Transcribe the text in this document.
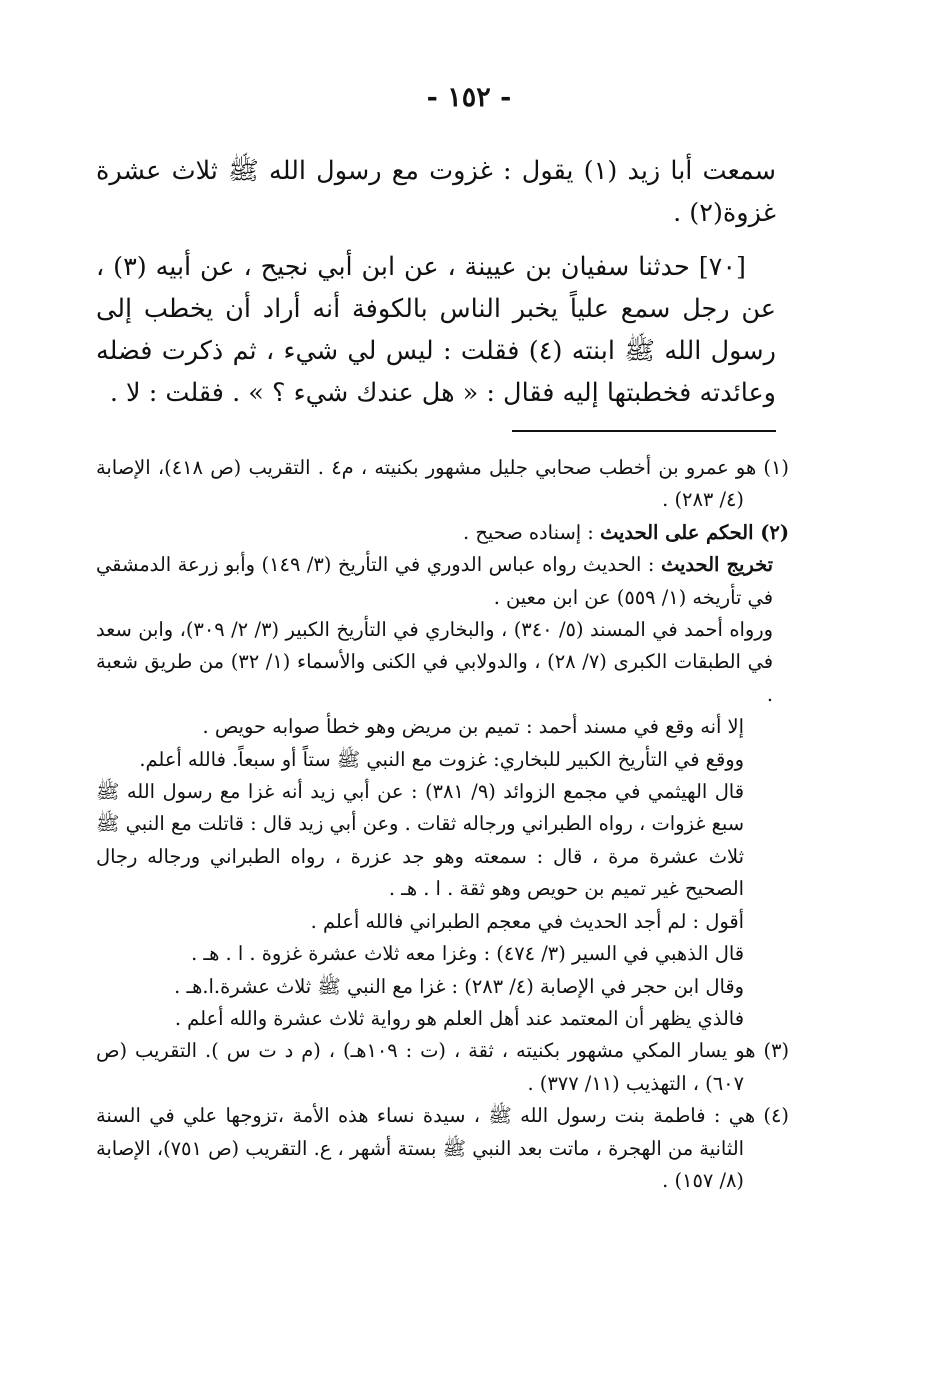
- ١٥٢ -

سمعت أبا زيد (١) يقول : غزوت مع رسول الله ﷺ ثلاث عشرة غزوة(٢) .

[٧٠] حدثنا سفيان بن عيينة ، عن ابن أبي نجيح ، عن أبيه (٣) ، عن رجل سمع علياً يخبر الناس بالكوفة أنه أراد أن يخطب إلى رسول الله ﷺ ابنته (٤) فقلت : ليس لي شيء ، ثم ذكرت فضله وعائدته فخطبتها إليه فقال : « هل عندك شيء ؟ » . فقلت : لا .

(١) هو عمرو بن أخطب صحابي جليل مشهور بكنيته ، م٤ . التقريب (ص ٤١٨)، الإصابة (٤/ ٢٨٣) .

(٢) الحكم على الحديث : إسناده صحيح .

تخريج الحديث : الحديث رواه عباس الدوري في التأريخ (٣/ ١٤٩) وأبو زرعة الدمشقي في تأريخه (١/ ٥٥٩) عن ابن معين .

ورواه أحمد في المسند (٥/ ٣٤٠) ، والبخاري في التأريخ الكبير (٣/ ٢/ ٣٠٩)، وابن سعد في الطبقات الكبرى (٧/ ٢٨) ، والدولابي في الكنى والأسماء (١/ ٣٢) من طريق شعبة .

إلا أنه وقع في مسند أحمد : تميم بن مريض وهو خطأ صوابه حويص .

ووقع في التأريخ الكبير للبخاري: غزوت مع النبي ﷺ ستاً أو سبعاً. فالله أعلم.

قال الهيثمي في مجمع الزوائد (٩/ ٣٨١) : عن أبي زيد أنه غزا مع رسول الله ﷺ سبع غزوات ، رواه الطبراني ورجاله ثقات . وعن أبي زيد قال : قاتلت مع النبي ﷺ ثلاث عشرة مرة ، قال : سمعته وهو جد عزرة ، رواه الطبراني ورجاله رجال الصحيح غير تميم بن حويص وهو ثقة . ا . هـ .

أقول : لم أجد الحديث في معجم الطبراني فالله أعلم .

قال الذهبي في السير (٣/ ٤٧٤) : وغزا معه ثلاث عشرة غزوة . ا . هـ .

وقال ابن حجر في الإصابة (٤/ ٢٨٣) : غزا مع النبي ﷺ ثلاث عشرة.ا.هـ .

فالذي يظهر أن المعتمد عند أهل العلم هو رواية ثلاث عشرة والله أعلم .

(٣) هو يسار المكي مشهور بكنيته ، ثقة ، (ت : ١٠٩هـ) ، (م د ت س ). التقريب (ص ٦٠٧) ، التهذيب (١١/ ٣٧٧) .

(٤) هي : فاطمة بنت رسول الله ﷺ ، سيدة نساء هذه الأمة ،تزوجها علي في السنة الثانية من الهجرة ، ماتت بعد النبي ﷺ بستة أشهر ، ع. التقريب (ص ٧٥١)، الإصابة (٨/ ١٥٧) .
